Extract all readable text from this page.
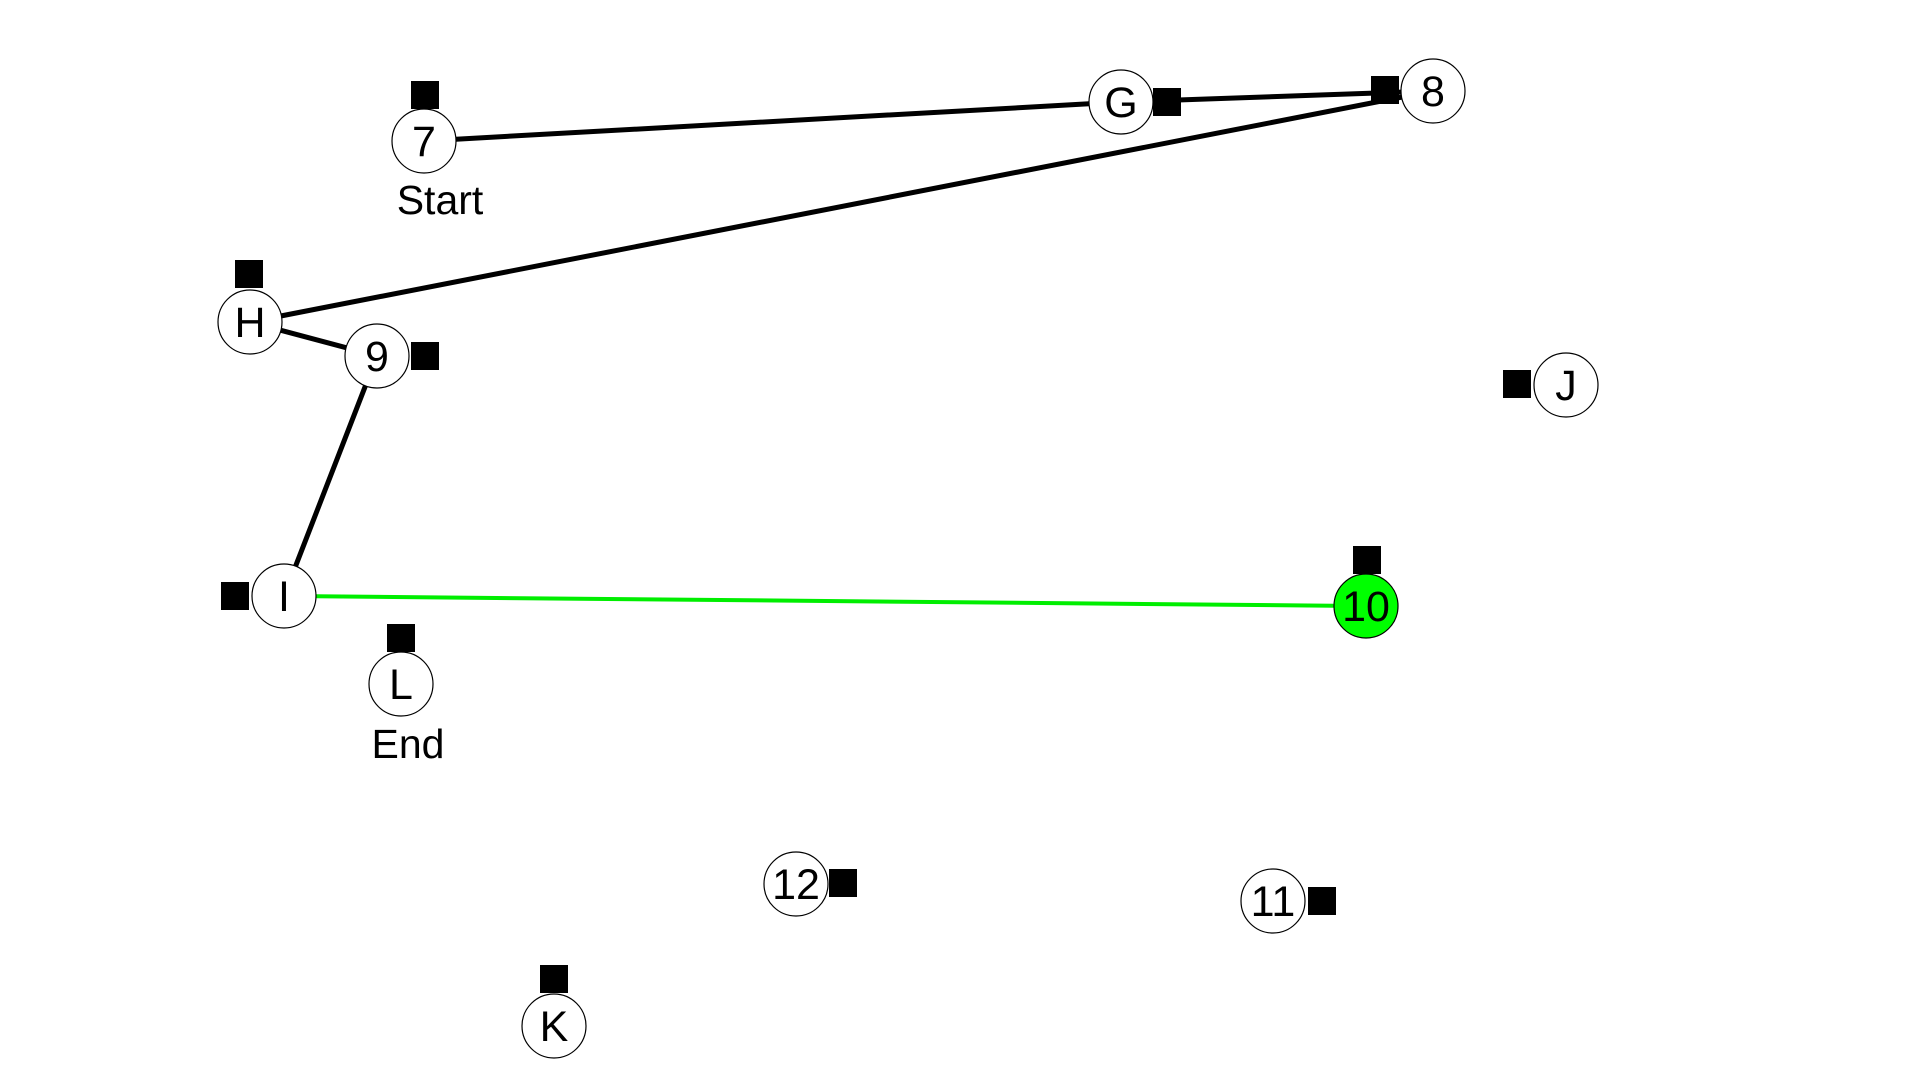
7
G	8
H
9
J
I	10
L
12	11
K
Start
End
